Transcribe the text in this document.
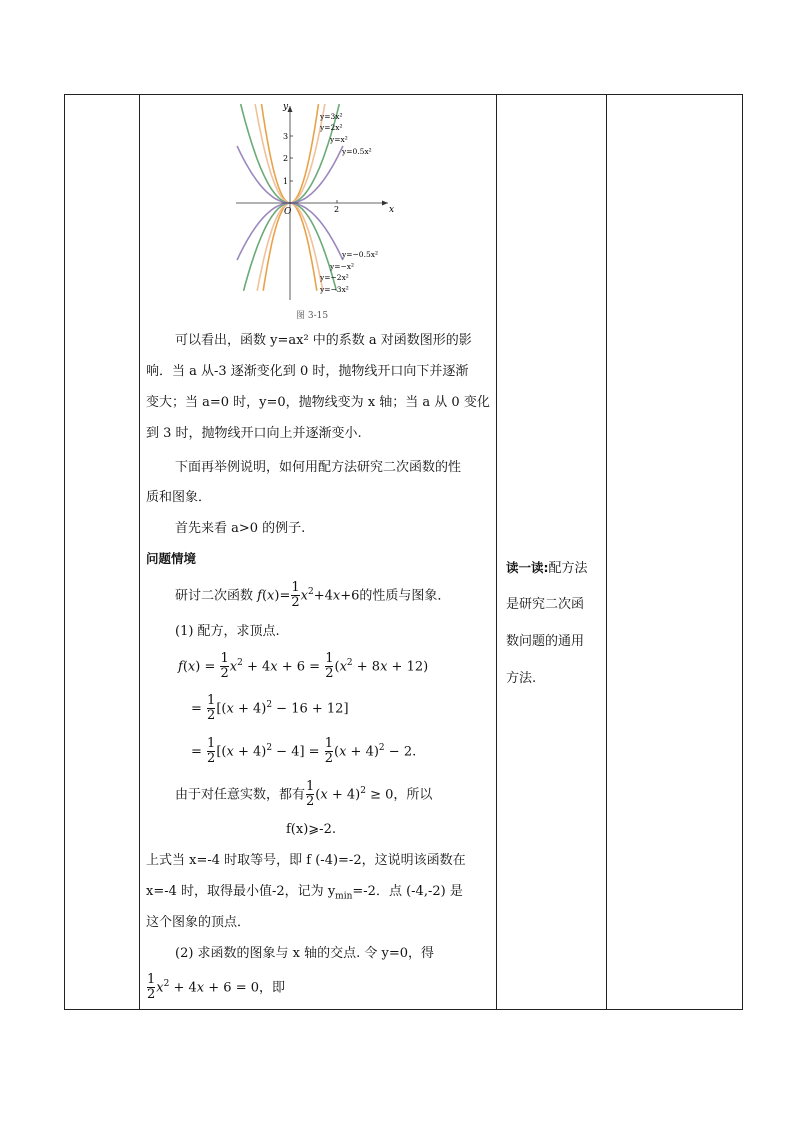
x
y
O	2
3
2
1
y=3x²
y=2x²
y=x²
y=0.5x²
y=−0.5x²
y=−x²
y=−2x²
y=−3x²
图 3-15
可以看出，函数 y=ax² 中的系数 a 对函数图形的影
响．当 a 从-3 逐渐变化到 0 时，抛物线开口向下并逐渐
变大；当 a=0 时，y=0，抛物线变为 x 轴；当 a 从 0 变化
到 3 时，抛物线开口向上并逐渐变小.
下面再举例说明，如何用配方法研究二次函数的性
质和图象．
首先来看 a>0 的例子.
问题情境
研讨二次函数 $f(x)= \frac{1}{2} x^2+4x+6$的性质与图象．
(1) 配方，求顶点.
$f(x) = \frac{1}{2} x^2 + 4x + 6 = \frac{1}{2} (x^2 + 8x + 12)$
= $\frac{1}{2} [(x + 4)^2 - 16 + 12]$
= $\frac{1}{2} [(x + 4)^2 - 4] = \frac{1}{2} (x + 4)^2 - 2$.
由于对任意实数，都有 $\frac{1}{2} (x + 4)^2 \ge 0$，所以
f(x)⩾-2.
上式当 x=-4 时取等号，即 f (-4)=-2，这说明该函数在
x=-4 时，取得最小值-2，记为 $y_{min}=-2$．点 (-4,-2) 是
这个图象的顶点．
(2) 求函数的图象与 x 轴的交点. 令 y=0，得
$\frac{1}{2} x^2 + 4x + 6 = 0$，即
读一读:配方法
是研究二次函
数问题的通用
方法.
